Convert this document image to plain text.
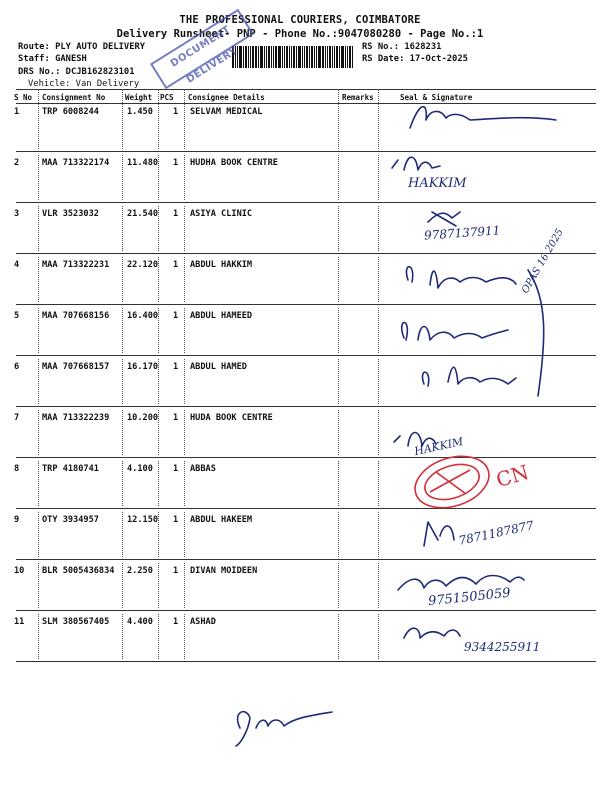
THE PROFESSIONAL COURIERS, COIMBATORE
Delivery Runsheet- PNP - Phone No.:9047080280 - Page No.:1
Route: PLY AUTO DELIVERY
Staff: GANESH
DRS No.: DCJB162823101
Vehicle: Van Delivery
RS No.: 1628231
RS Date: 17-Oct-2025
DOCUMENT DELIVERY
S No Consignment No	Weight PCS Consignee Details	Remarks	Seal & Signature
1	TRP 6008244	1.450 1 SELVAM MEDICAL
2	MAA 713322174 11.480 1 HUDHA BOOK CENTRE
3	VLR 3523032	21.540 1 ASIYA CLINIC
4	MAA 713322231 22.120 1 ABDUL HAKKIM
5	MAA 707668156 16.400 1 ABDUL HAMEED
6	MAA 707668157 16.170 1 ABDUL HAMED
7	MAA 713322239 10.200 1 HUDA BOOK CENTRE
8	TRP 4180741	4.100 1 ABBAS
9	OTY 3934957	12.150 1 ABDUL HAKEEM
10 BLR 5005436834 2.250 1 DIVAN MOIDEEN
11 SLM 380567405 4.400 1 ASHAD
HAKKIM
9787137911
HAKKIM
CN
7871187877
9751505059
9344255911
OPAS 16 2025
